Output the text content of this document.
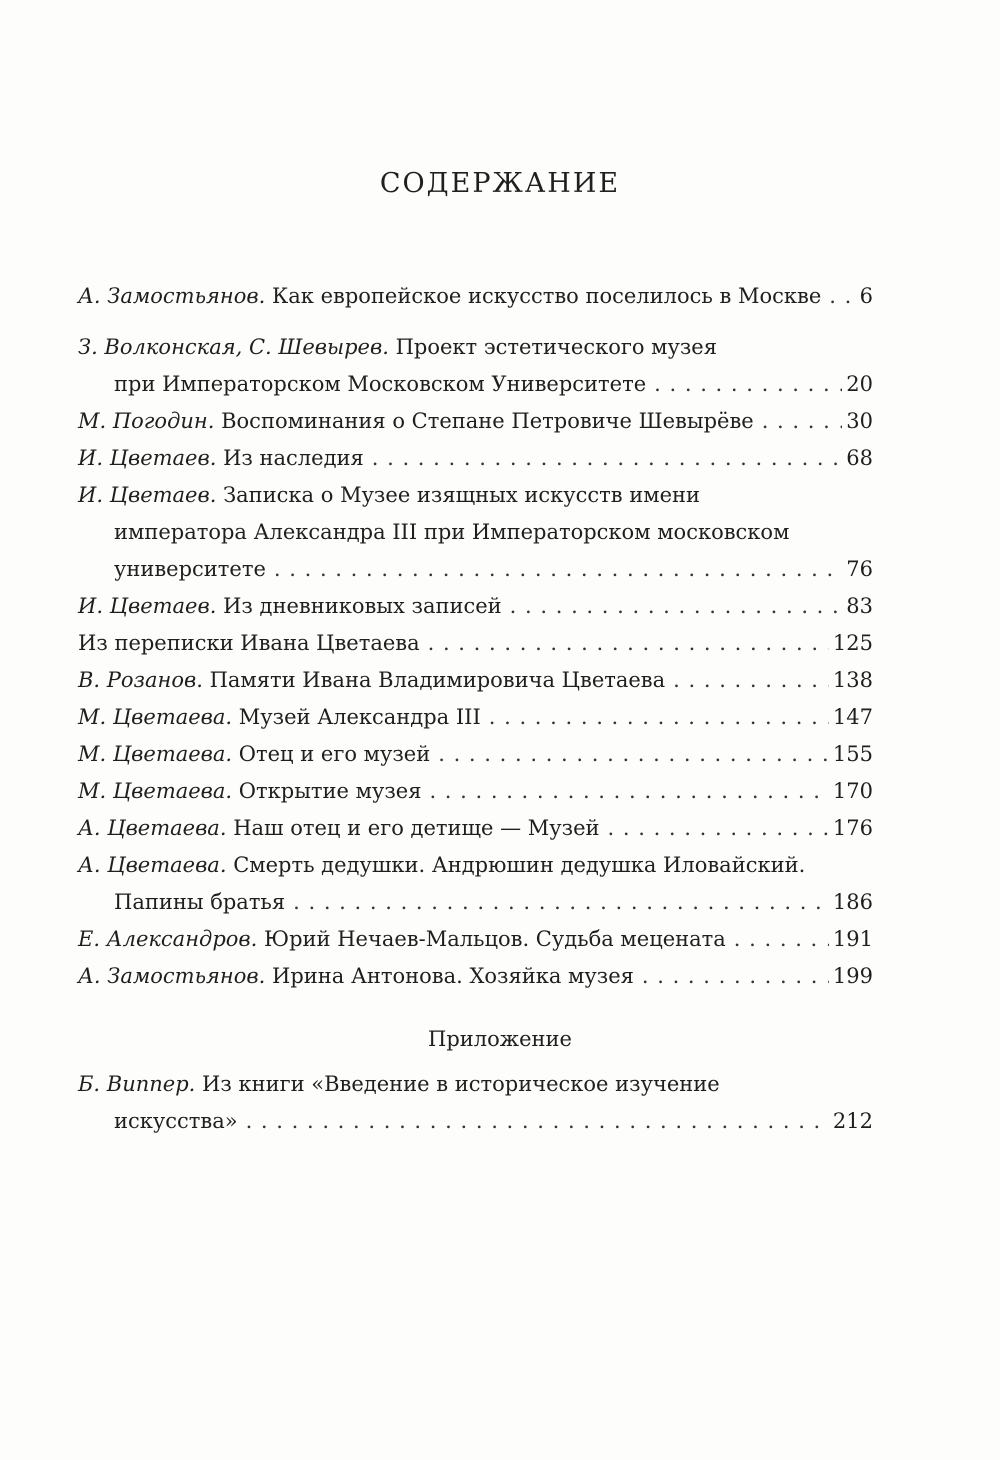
СОДЕРЖАНИЕ
А. Замостьянов. Как европейское искусство поселилось в Москве . . . 6
З. Волконская, С. Шевырев. Проект эстетического музея
при Императорском Московском Университете . . .	20
М. Погодин. Воспоминания о Степане Петровиче Шевырёве . . .	30
И. Цветаев. Из наследия . . .	68
И. Цветаев. Записка о Музее изящных искусств имени
императора Александра III при Императорском московском
университете . . .	76
И. Цветаев. Из дневниковых записей . . .	83
Из переписки Ивана Цветаева . . .	125
В. Розанов. Памяти Ивана Владимировича Цветаева . . .	138
М. Цветаева. Музей Александра III . . .	147
М. Цветаева. Отец и его музей . . .	155
М. Цветаева. Открытие музея . . .	170
А. Цветаева. Наш отец и его детище — Музей . . .	176
А. Цветаева. Смерть дедушки. Андрюшин дедушка Иловайский.
Папины братья . . .	186
Е. Александров. Юрий Нечаев-Мальцов. Судьба мецената . . .	191
А. Замостьянов. Ирина Антонова. Хозяйка музея . . .	199
Приложение
Б. Виппер. Из книги «Введение в историческое изучение
искусства» . . .	212
